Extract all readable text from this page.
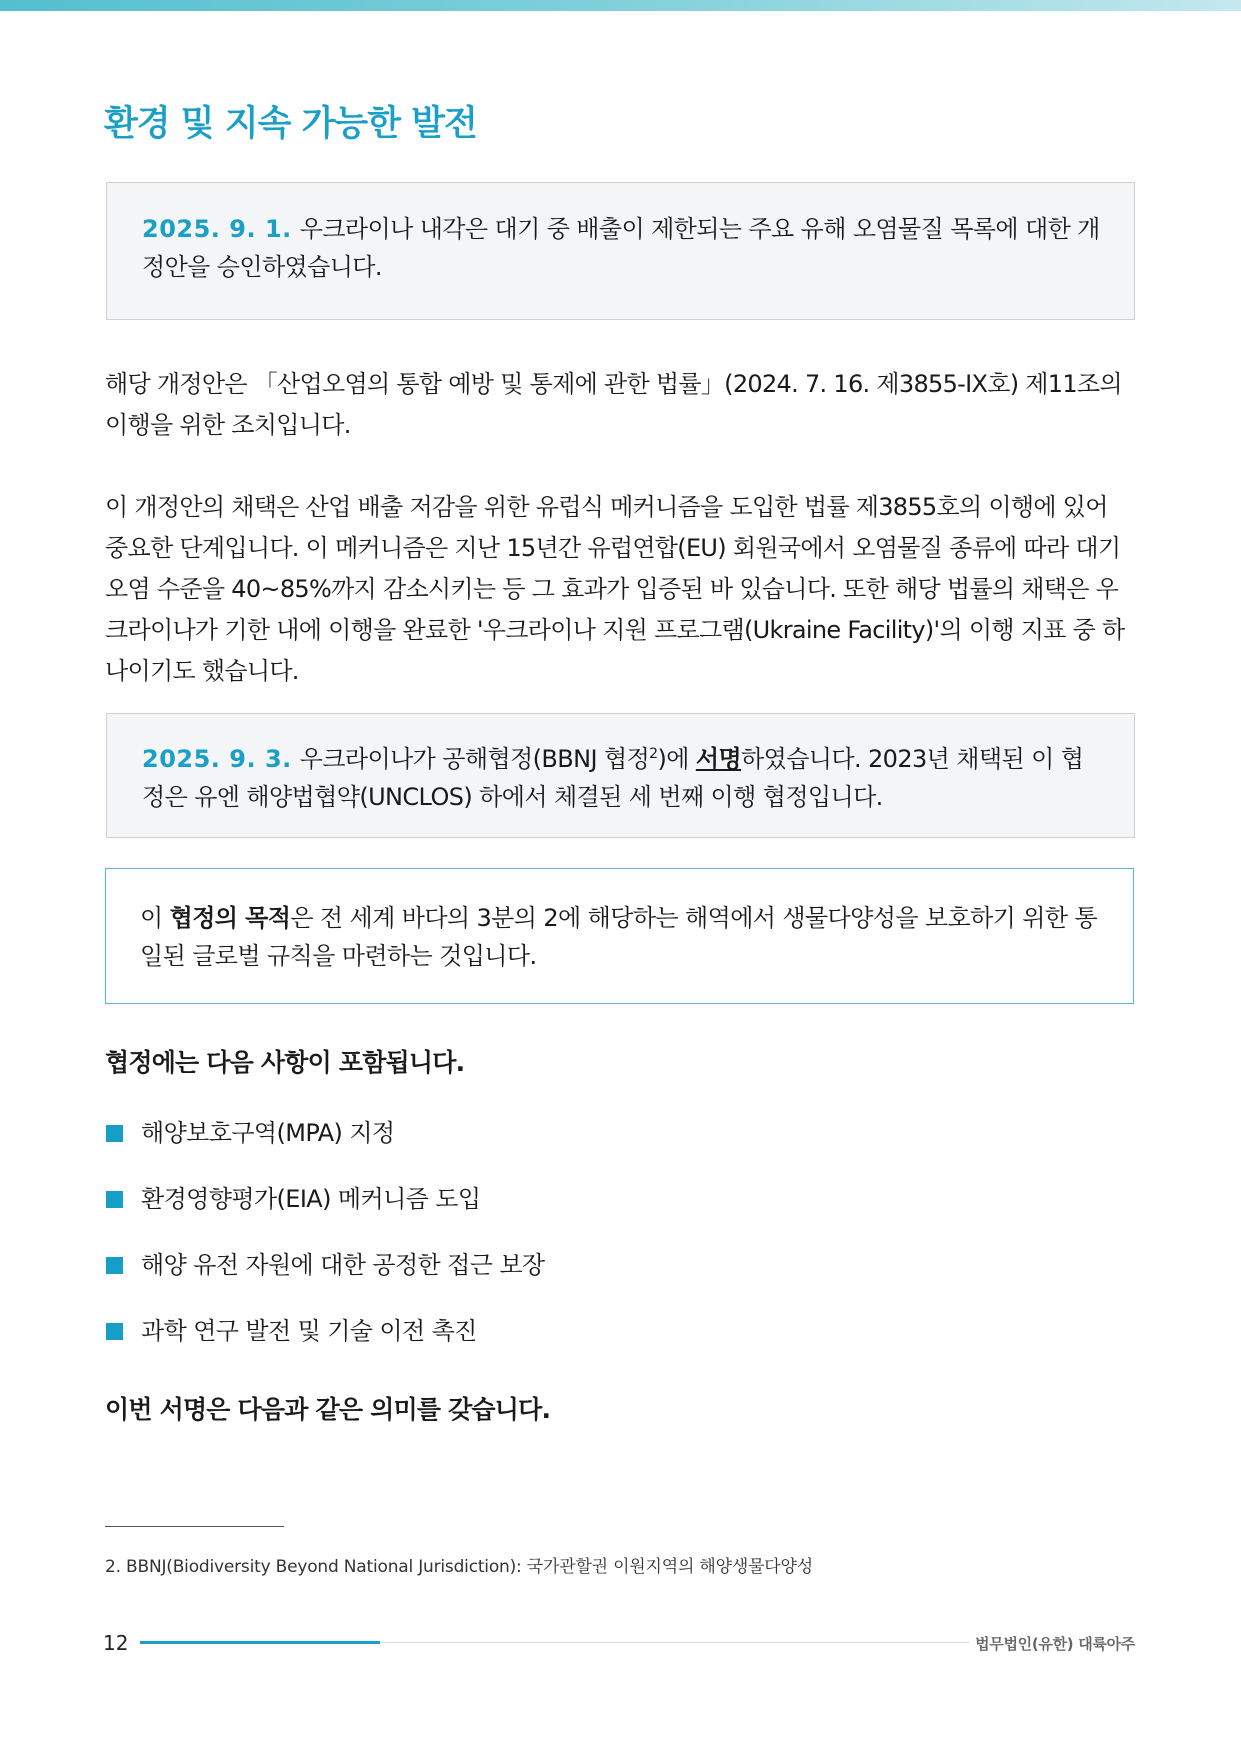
환경 및 지속 가능한 발전
2025. 9. 1. 우크라이나 내각은 대기 중 배출이 제한되는 주요 유해 오염물질 목록에 대한 개정안을 승인하였습니다.

해당 개정안은 「산업오염의 통합 예방 및 통제에 관한 법률」(2024. 7. 16. 제3855-IX호) 제11조의 이행을 위한 조치입니다.

이 개정안의 채택은 산업 배출 저감을 위한 유럽식 메커니즘을 도입한 법률 제3855호의 이행에 있어 중요한 단계입니다. 이 메커니즘은 지난 15년간 유럽연합(EU) 회원국에서 오염물질 종류에 따라 대기오염 수준을 40~85%까지 감소시키는 등 그 효과가 입증된 바 있습니다. 또한 해당 법률의 채택은 우크라이나가 기한 내에 이행을 완료한 '우크라이나 지원 프로그램(Ukraine Facility)'의 이행 지표 중 하나이기도 했습니다.

2025. 9. 3. 우크라이나가 공해협정(BBNJ 협정$^2$)에 서명하였습니다. 2023년 채택된 이 협정은 유엔 해양법협약(UNCLOS) 하에서 체결된 세 번째 이행 협정입니다.
이 협정의 목적은 전 세계 바다의 3분의 2에 해당하는 해역에서 생물다양성을 보호하기 위한 통일된 글로벌 규칙을 마련하는 것입니다.
협정에는 다음 사항이 포함됩니다.
해양보호구역(MPA) 지정
환경영향평가(EIA) 메커니즘 도입
해양 유전 자원에 대한 공정한 접근 보장
과학 연구 발전 및 기술 이전 촉진
이번 서명은 다음과 같은 의미를 갖습니다.

2. BBNJ(Biodiversity Beyond National Jurisdiction): 국가관할권 이원지역의 해양생물다양성

12	법무법인(유한) 대륙아주
